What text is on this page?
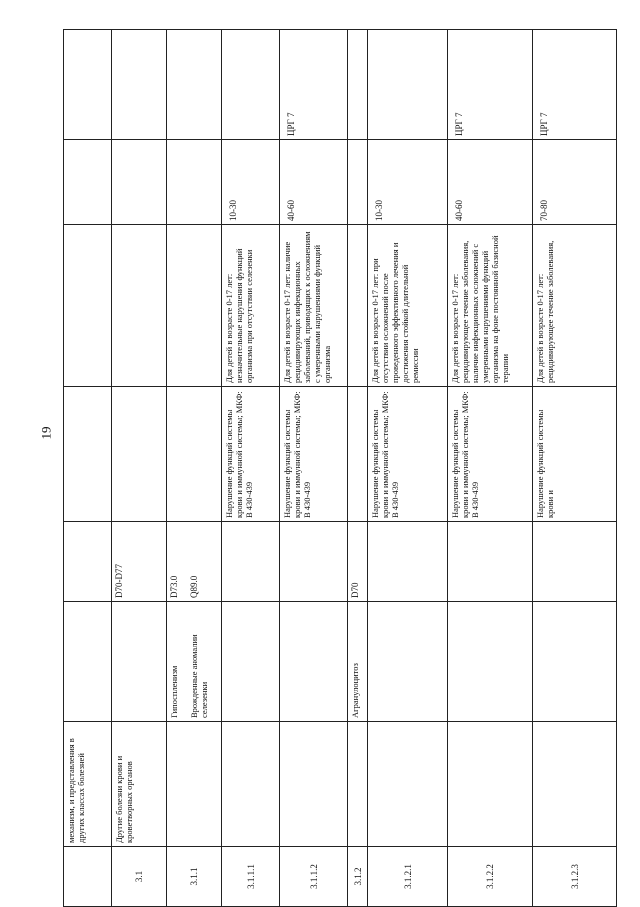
19
	механизм, и представления в других классах болезней						
3.1	Другие болезни крови и кроветворных органов		D70-D77				
3.1.1		Гипоспленизм Врожденные аномалии селезенки	D73.0 Q89.0				

3.1.1.1				Нарушение функций системы крови и иммунной системы; МКФ: B 430-439	Для детей в возрасте 0-17 лет: незначительные нарушения функций организма при отсутствии селезенки	10-30	
3.1.1.2				Нарушение функций системы крови и иммунной системы; МКФ: B 430-439	Для детей в возрасте 0-17 лет: наличие рецидивирующих инфекционных заболеваний, приводящих к осложнениям с умеренными нарушениями функций организма	40-60	ЦРГ 7
3.1.2		Агранулоцитоз	D70				
3.1.2.1				Нарушение функций системы крови и иммунной системы; МКФ: B 430-439	Для детей в возрасте 0-17 лет: при отсутствии осложнений после проведенного эффективного лечения и достижения стойкой длительной ремиссии	10-30	
3.1.2.2				Нарушение функций системы крови и иммунной системы; МКФ: B 430-439	Для детей в возрасте 0-17 лет: рецидивирующее течение заболевания, наличие инфекционных осложнений с умеренными нарушениями функций организма на фоне постоянной базисной терапии	40-60	ЦРГ 7
3.1.2.3				Нарушение функций системы крови и	Для детей в возрасте 0-17 лет: рецидивирующее течение заболевания,	70-80	ЦРГ 7
